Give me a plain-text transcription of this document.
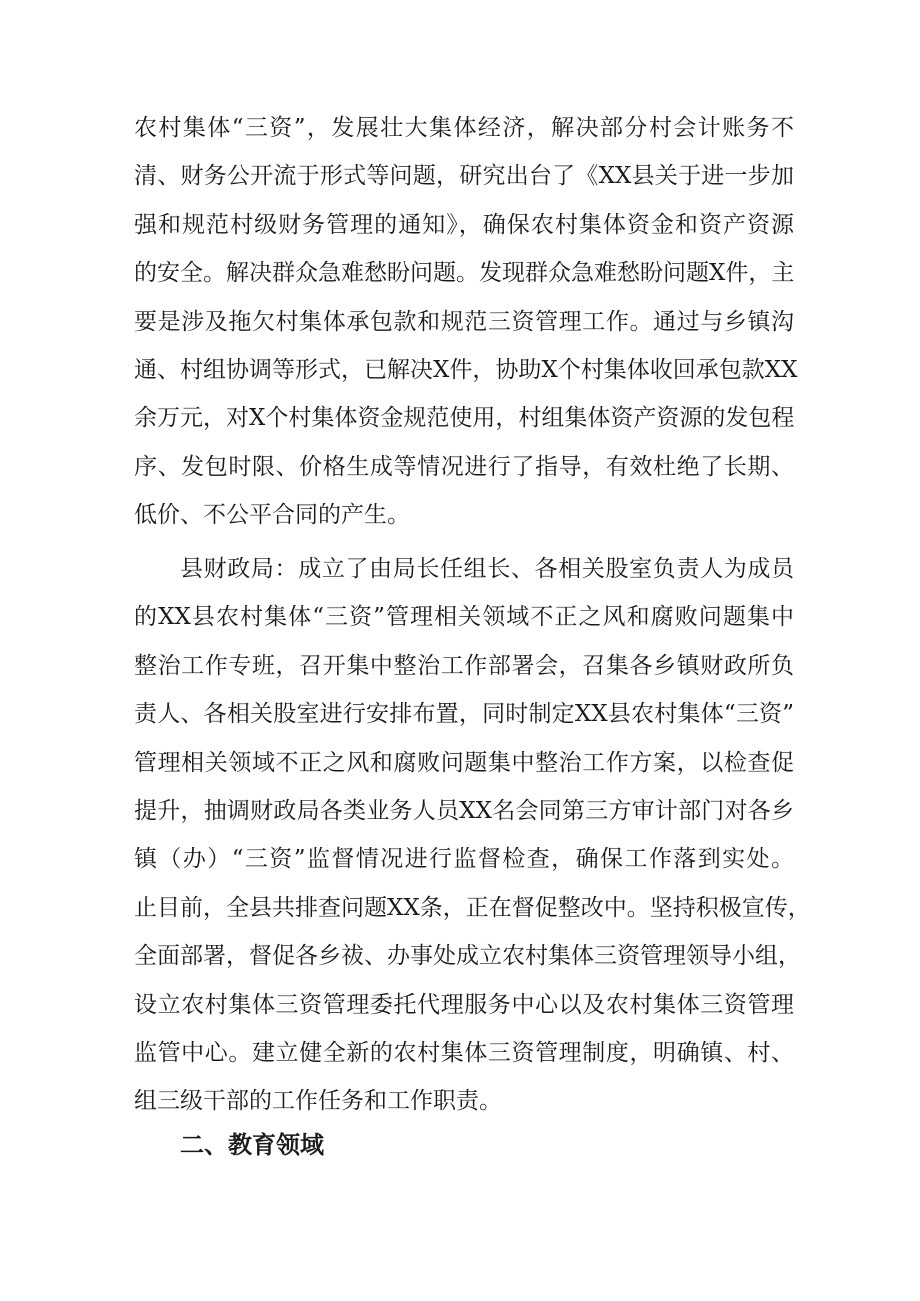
农村集体“三资”，发展壮大集体经济，解决部分村会计账务不
清、财务公开流于形式等问题，研究出台了《XX县关于进一步加
强和规范村级财务管理的通知》，确保农村集体资金和资产资源
的安全。解决群众急难愁盼问题。发现群众急难愁盼问题X件，主
要是涉及拖欠村集体承包款和规范三资管理工作。通过与乡镇沟
通、村组协调等形式，已解决X件，协助X个村集体收回承包款XX
余万元，对X个村集体资金规范使用，村组集体资产资源的发包程
序、发包时限、价格生成等情况进行了指导，有效杜绝了长期、
低价、不公平合同的产生。
县财政局：成立了由局长任组长、各相关股室负责人为成员
的XX县农村集体“三资”管理相关领域不正之风和腐败问题集中
整治工作专班，召开集中整治工作部署会，召集各乡镇财政所负
责人、各相关股室进行安排布置，同时制定XX县农村集体“三资”
管理相关领域不正之风和腐败问题集中整治工作方案，以检查促
提升，抽调财政局各类业务人员XX名会同第三方审计部门对各乡
镇（办）“三资”监督情况进行监督检查，确保工作落到实处。
止目前，全县共排查问题XX条，正在督促整改中。坚持积极宣传，
全面部署，督促各乡祓、办事处成立农村集体三资管理领导小组，
设立农村集体三资管理委托代理服务中心以及农村集体三资管理
监管中心。建立健全新的农村集体三资管理制度，明确镇、村、
组三级干部的工作任务和工作职责。
二、教育领域
